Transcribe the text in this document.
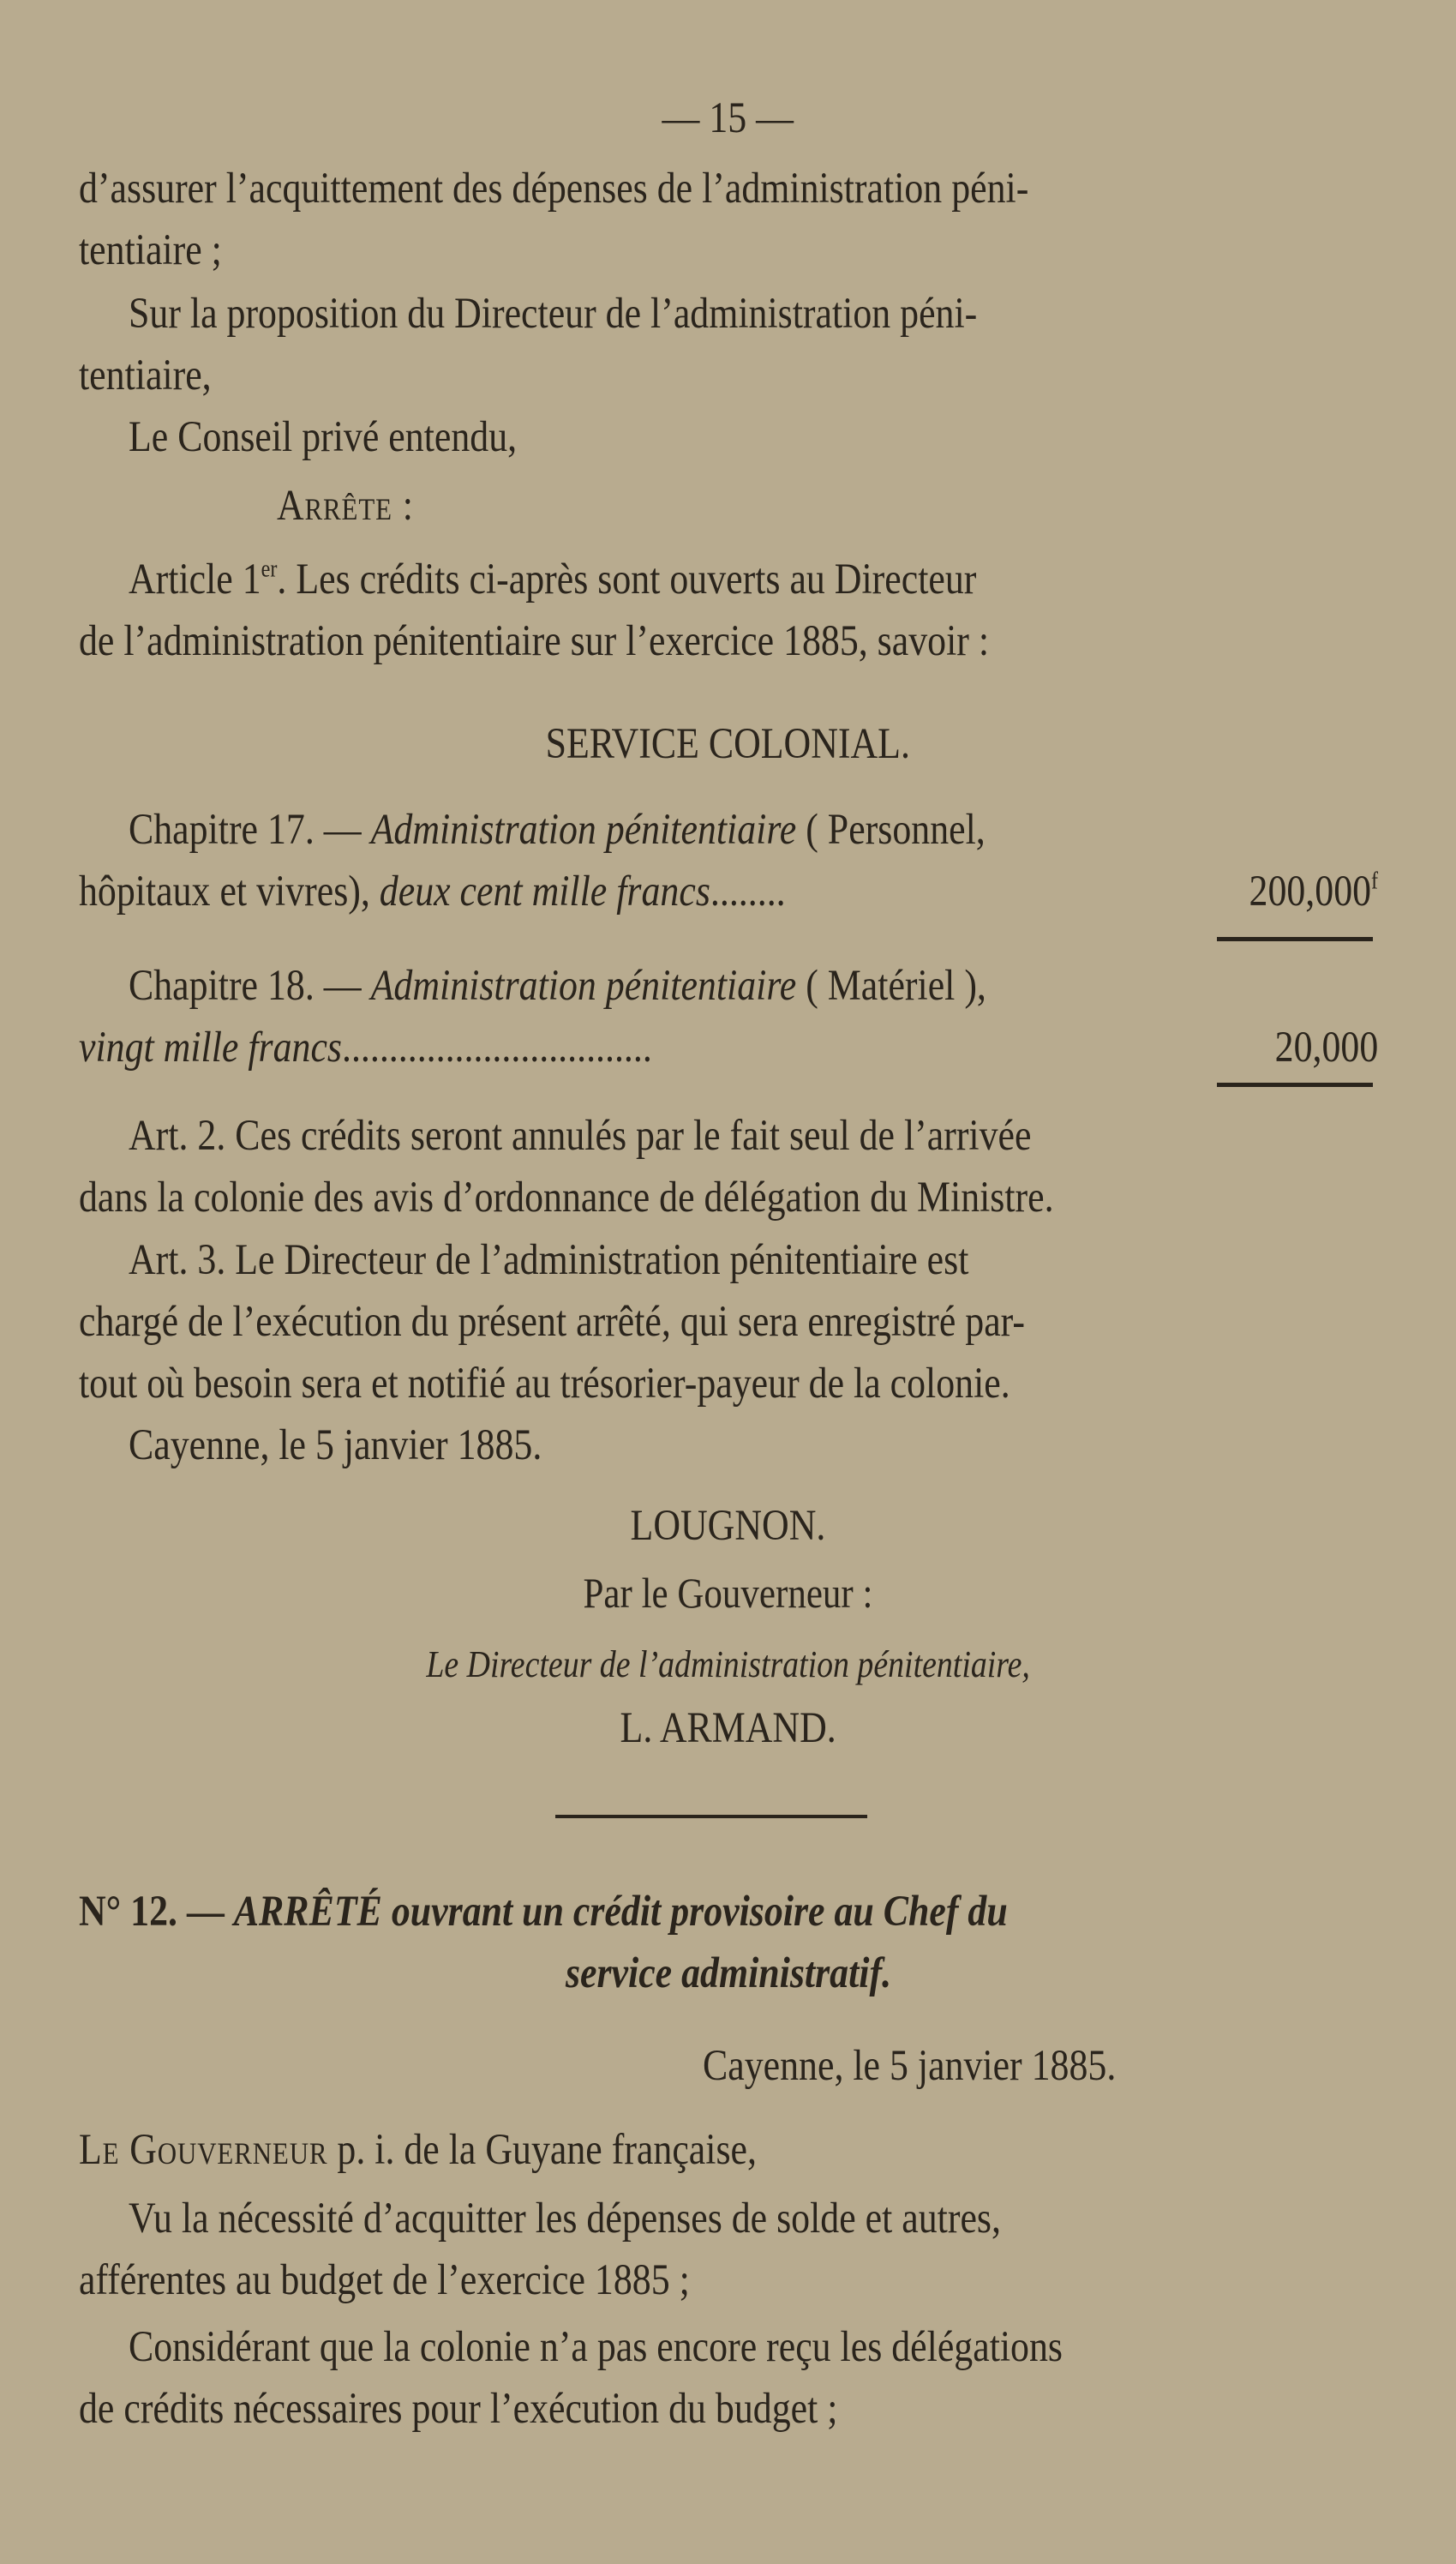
— 15 —
d’assurer l’acquittement des dépenses de l’administration péni-
tentiaire ;
Sur la proposition du Directeur de l’administration péni-
tentiaire,
Le Conseil privé entendu,
Arrête :
Article 1er. Les crédits ci-après sont ouverts au Directeur
de l’administration pénitentiaire sur l’exercice 1885, savoir :
SERVICE COLONIAL.
Chapitre 17. — Administration pénitentiaire ( Personnel,
hôpitaux et vivres), deux cent mille francs........	200,000$^f$
Chapitre 18. — Administration pénitentiaire ( Matériel ),
vingt mille francs.................................	20,000
Art. 2. Ces crédits seront annulés par le fait seul de l’arrivée
dans la colonie des avis d’ordonnance de délégation du Ministre.
Art. 3. Le Directeur de l’administration pénitentiaire est
chargé de l’exécution du présent arrêté, qui sera enregistré par-
tout où besoin sera et notifié au trésorier-payeur de la colonie.
Cayenne, le 5 janvier 1885.
LOUGNON.
Par le Gouverneur :
Le Directeur de l’administration pénitentiaire,
L. ARMAND.
N° 12. — ARRÊTÉ ouvrant un crédit provisoire au Chef du
service administratif.
Cayenne, le 5 janvier 1885.
Le Gouverneur p. i. de la Guyane française,
Vu la nécessité d’acquitter les dépenses de solde et autres,
afférentes au budget de l’exercice 1885 ;
Considérant que la colonie n’a pas encore reçu les délégations
de crédits nécessaires pour l’exécution du budget ;
